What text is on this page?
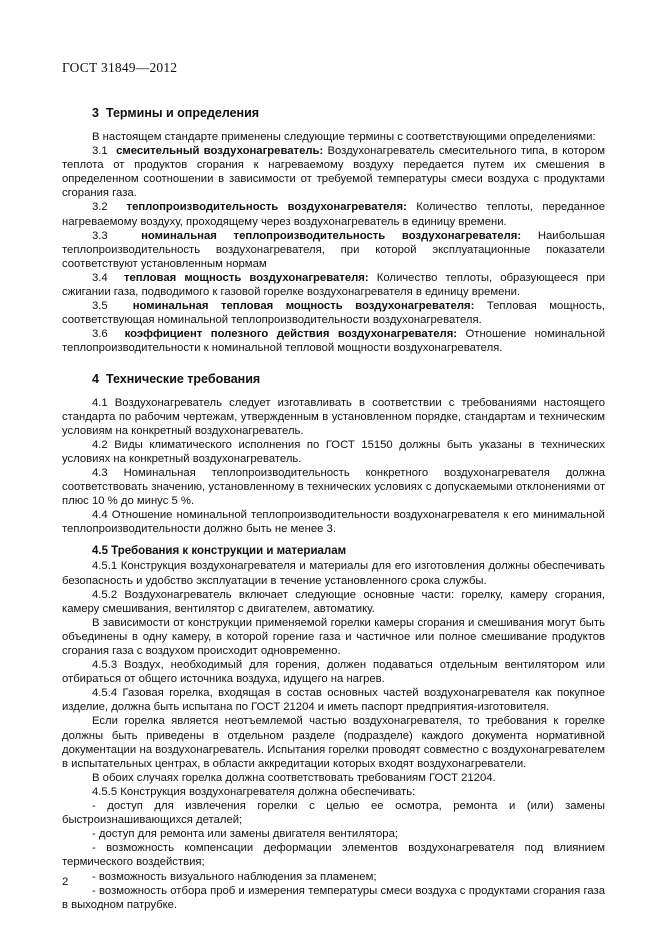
ГОСТ 31849—2012
3 Термины и определения

В настоящем стандарте применены следующие термины с соответствующими определениями:

3.1 смесительный воздухонагреватель: Воздухонагреватель смесительного типа, в котором теплота от продуктов сгорания к нагреваемому воздуху передается путем их смешения в определенном соотношении в зависимости от требуемой температуры смеси воздуха с продуктами сгорания газа.

3.2 теплопроизводительность воздухонагревателя: Количество теплоты, переданное нагреваемому воздуху, проходящему через воздухонагреватель в единицу времени.

3.3	номинальная теплопроизводительность воздухонагревателя: Наибольшая теплопроизводительность воздухонагревателя, при которой эксплуатационные показатели соответствуют установленным нормам

3.4 тепловая мощность воздухонагревателя: Количество теплоты, образующееся при сжигании газа, подводимого к газовой горелке воздухонагревателя в единицу времени.

3.5 номинальная тепловая мощность воздухонагревателя: Тепловая мощность, соответствующая номинальной теплопроизводительности воздухонагревателя.

3.6 коэффициент полезного действия воздухонагревателя: Отношение номинальной теплопроизводительности к номинальной тепловой мощности воздухонагревателя.

4 Технические требования

4.1 Воздухонагреватель следует изготавливать в соответствии с требованиями настоящего стандарта по рабочим чертежам, утвержденным в установленном порядке, стандартам и техническим условиям на конкретный воздухонагреватель.

4.2 Виды климатического исполнения по ГОСТ 15150 должны быть указаны в технических условиях на конкретный воздухонагреватель.

4.3 Номинальная теплопроизводительность конкретного воздухонагревателя должна соответствовать значению, установленному в технических условиях с допускаемыми отклонениями от плюс 10 % до минус 5 %.

4.4 Отношение номинальной теплопроизводительности воздухонагревателя к его минимальной теплопроизводительности должно быть не менее 3.

4.5 Требования к конструкции и материалам

4.5.1 Конструкция воздухонагревателя и материалы для его изготовления должны обеспечивать безопасность и удобство эксплуатации в течение установленного срока службы.

4.5.2 Воздухонагреватель включает следующие основные части: горелку, камеру сгорания, камеру смешивания, вентилятор с двигателем, автоматику.

В зависимости от конструкции применяемой горелки камеры сгорания и смешивания могут быть объединены в одну камеру, в которой горение газа и частичное или полное смешивание продуктов сгорания газа с воздухом происходит одновременно.

4.5.3 Воздух, необходимый для горения, должен подаваться отдельным вентилятором или отбираться от общего источника воздуха, идущего на нагрев.

4.5.4 Газовая горелка, входящая в состав основных частей воздухонагревателя как покупное изделие, должна быть испытана по ГОСТ 21204 и иметь паспорт предприятия-изготовителя.

Если горелка является неотъемлемой частью воздухонагревателя, то требования к горелке должны быть приведены в отдельном разделе (подразделе) каждого документа нормативной документации на воздухонагреватель. Испытания горелки проводят совместно с воздухонагревателем в испытательных центрах, в области аккредитации которых входят воздухонагреватели.

В обоих случаях горелка должна соответствовать требованиям ГОСТ 21204.

4.5.5 Конструкция воздухонагревателя должна обеспечивать:

- доступ для извлечения горелки с целью ее осмотра, ремонта и (или) замены быстроизнашивающихся деталей;

- доступ для ремонта или замены двигателя вентилятора;

- возможность компенсации деформации элементов воздухонагревателя под влиянием термического воздействия;

- возможность визуального наблюдения за пламенем;

- возможность отбора проб и измерения температуры смеси воздуха с продуктами сгорания газа в выходном патрубке.

2
